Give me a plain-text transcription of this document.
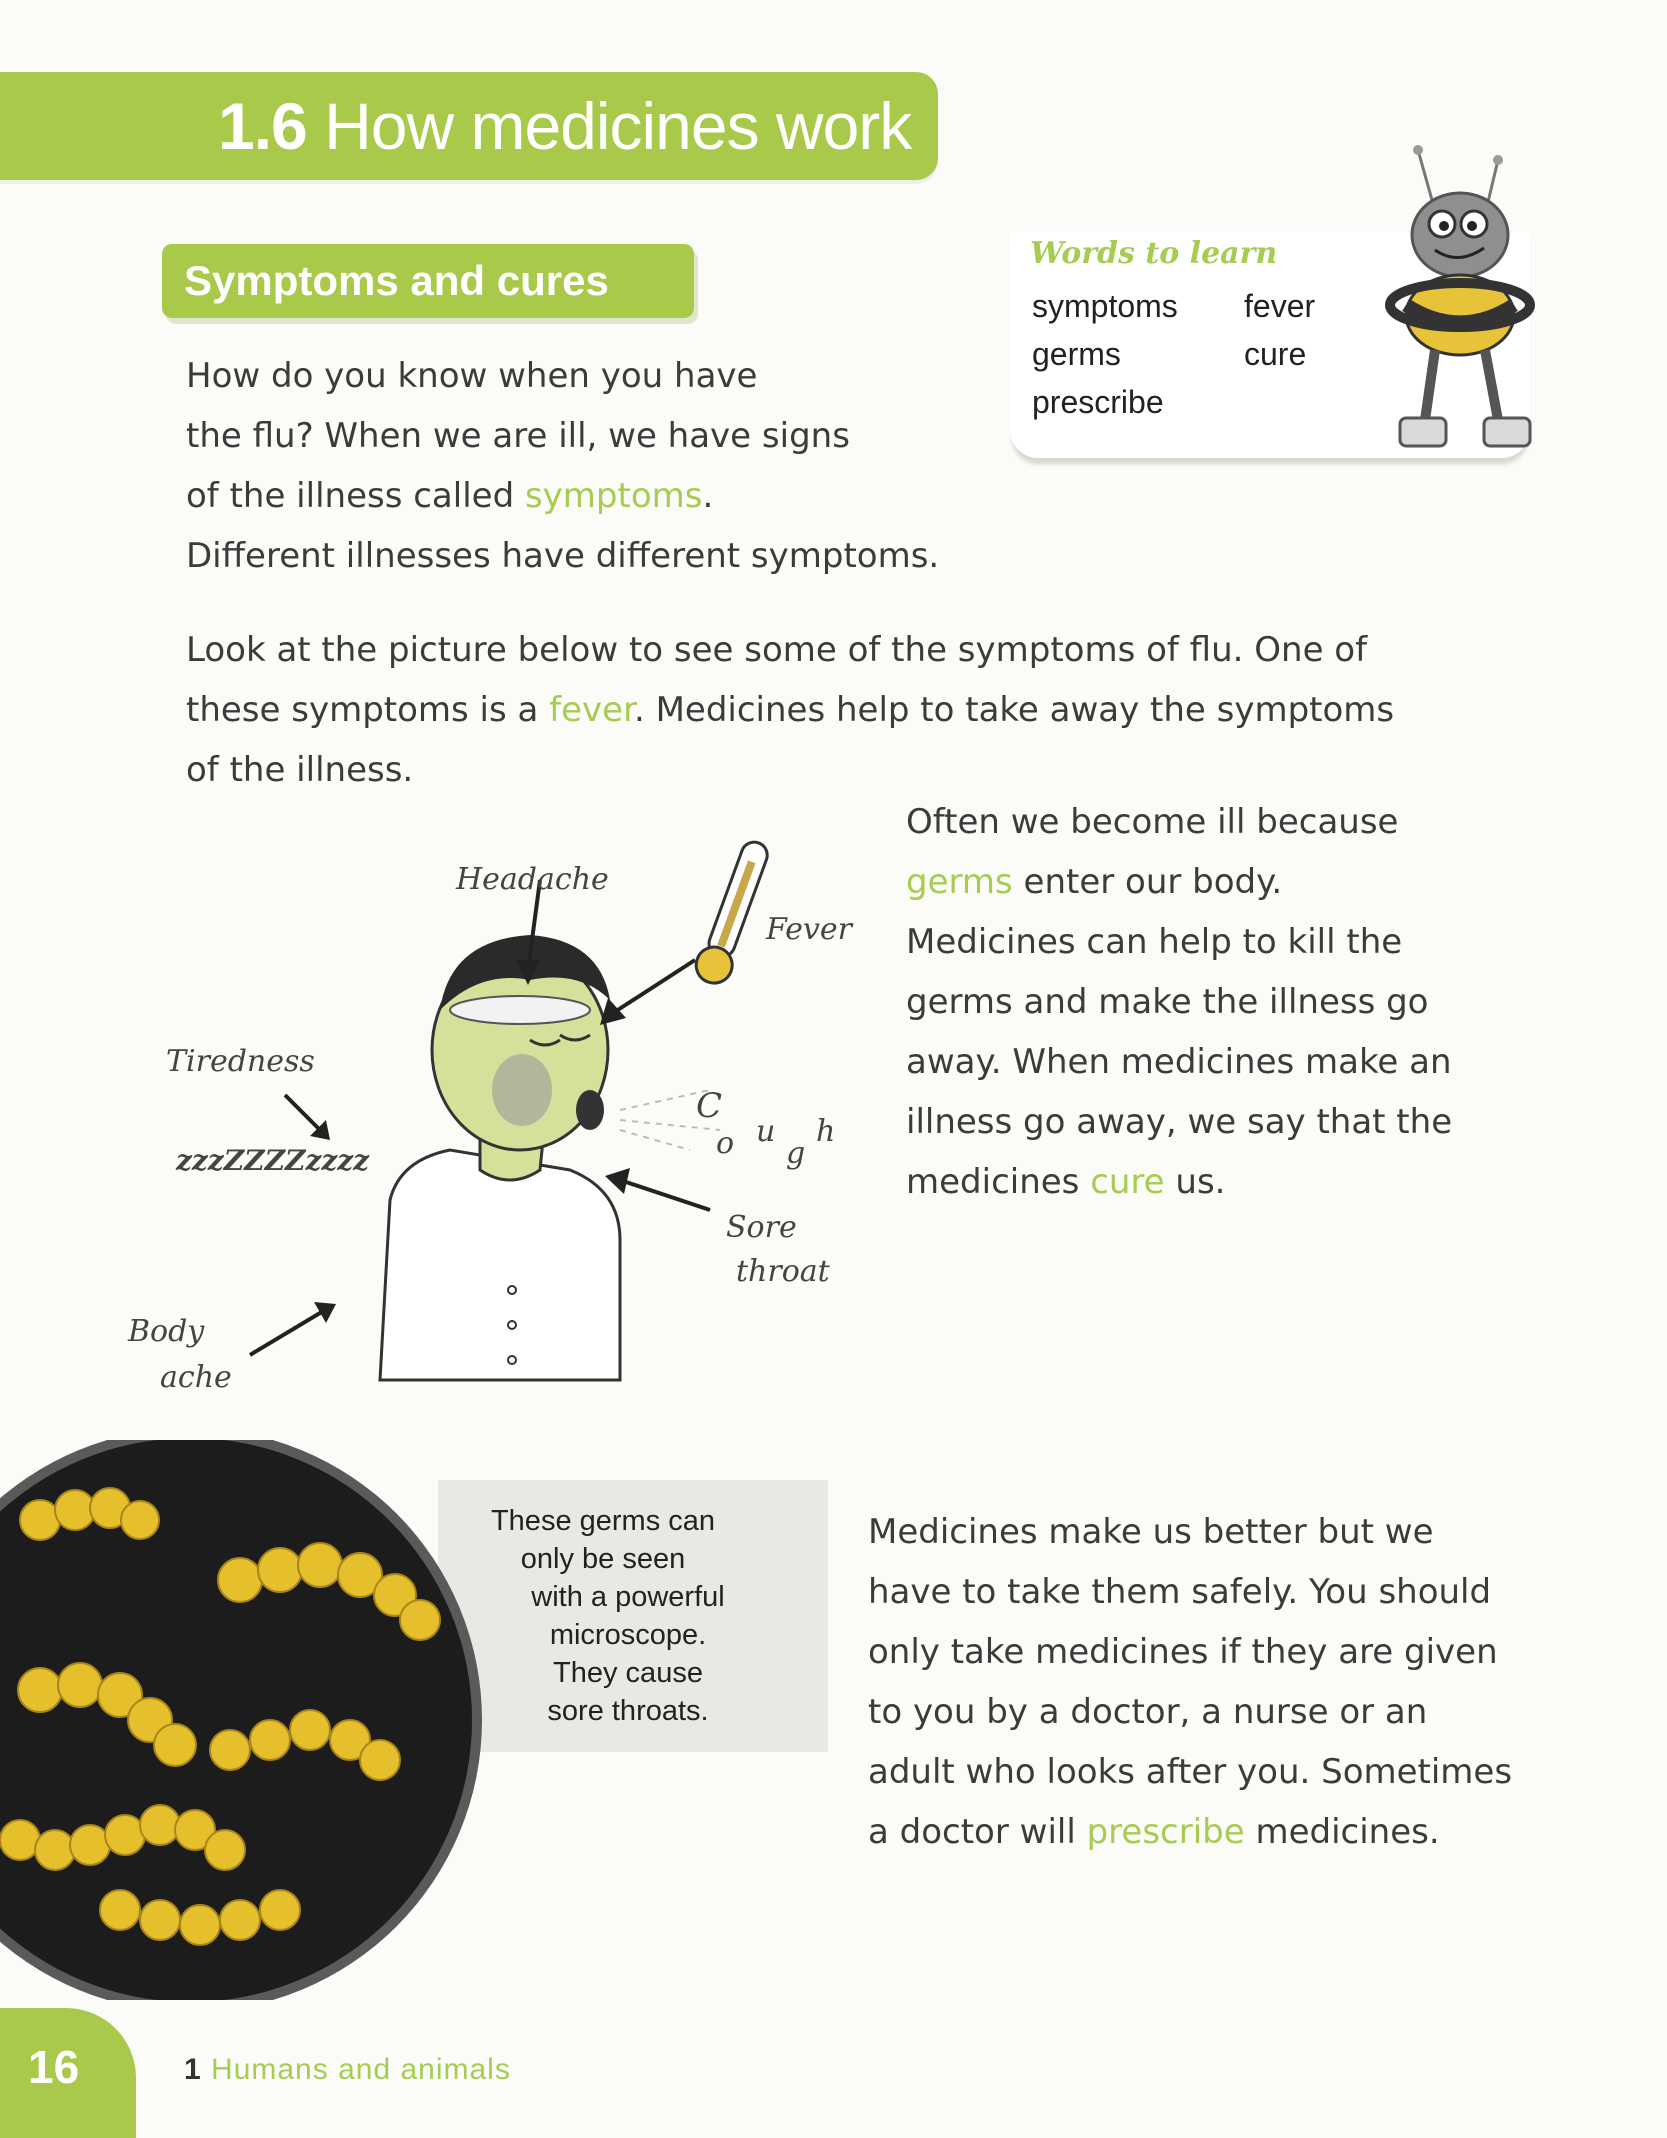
1.6 How medicines work
Symptoms and cures

How do you know when you have
the flu? When we are ill, we have signs
of the illness called symptoms.
Different illnesses have different symptoms.

Words to learn
symptoms fever
germs	cure
prescribe

Look at the picture below to see some of the symptoms of flu. One of
these symptoms is a fever. Medicines help to take away the symptoms
of the illness.

Headache
Fever
Tiredness
zzzZZZZzzzz
C
o u
g
h
Sore
throat
Body
ache

Often we become ill because
germs enter our body.
Medicines can help to kill the
germs and make the illness go
away. When medicines make an
illness go away, we say that the
medicines cure us.

These germs can
only be seen
with a powerful
microscope.
They cause
sore throats.

Medicines make us better but we
have to take them safely. You should
only take medicines if they are given
to you by a doctor, a nurse or an
adult who looks after you. Sometimes
a doctor will prescribe medicines.

16	1 Humans and animals
